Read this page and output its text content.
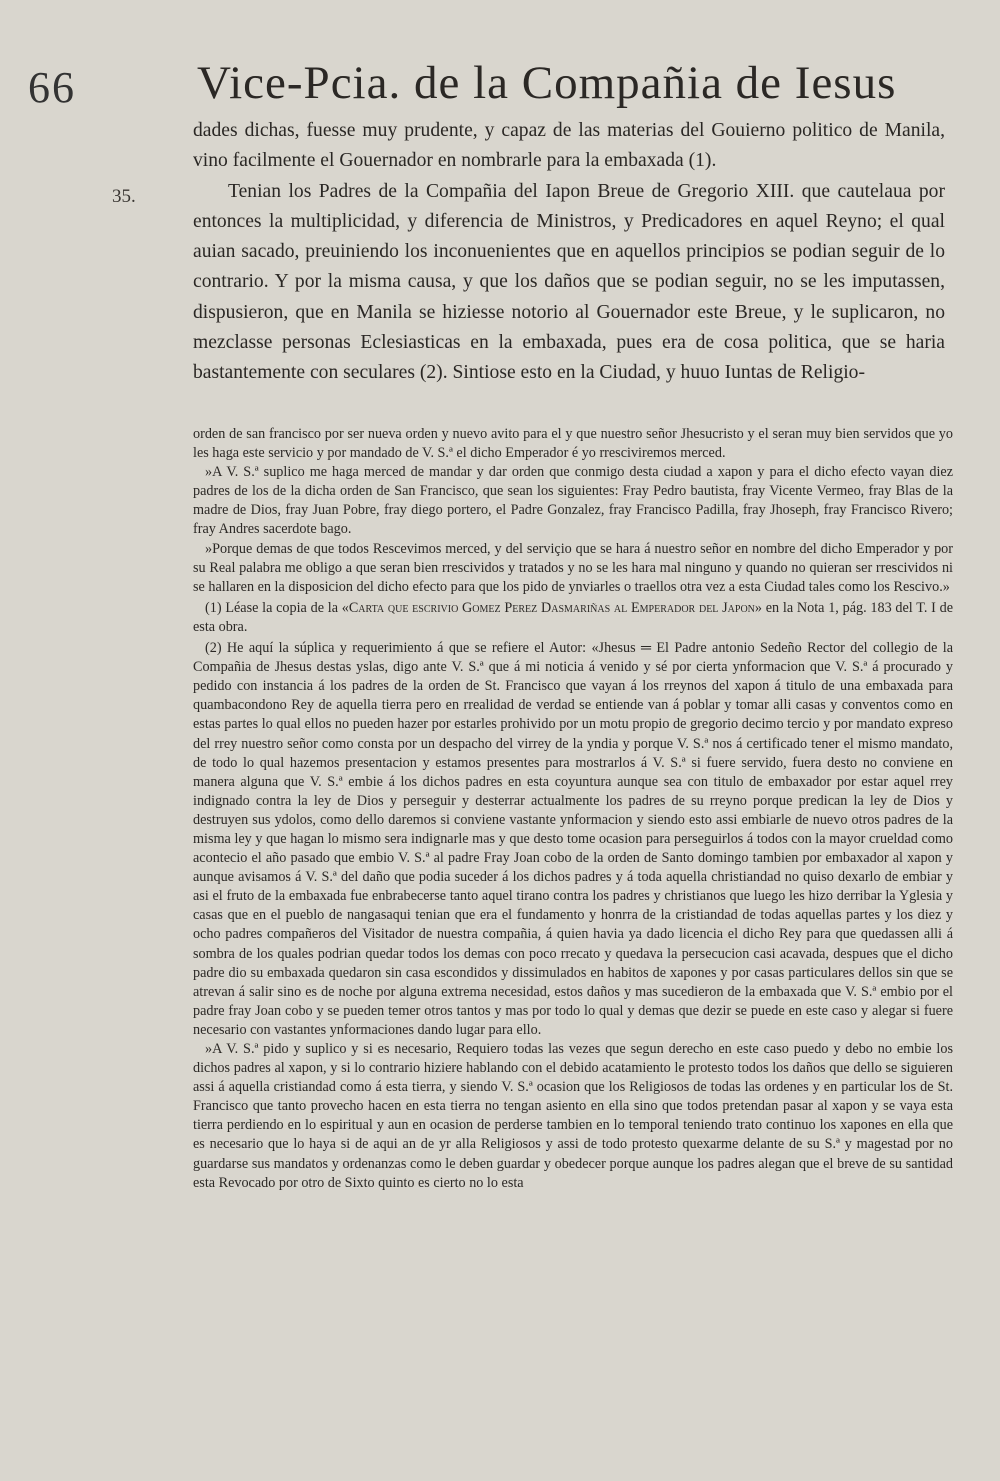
66	Vice-Pcia. de la Compañia de Iesus
35.

dades dichas, fuesse muy prudente, y capaz de las materias del Gouierno politico de Manila, vino facilmente el Gouernador en nombrarle para la embaxada (1).

Tenian los Padres de la Compañia del Iapon Breue de Gregorio XIII. que cautelaua por entonces la multiplicidad, y diferencia de Ministros, y Predicadores en aquel Reyno; el qual auian sacado, preuiniendo los inconuenientes que en aquellos principios se podian seguir de lo contrario. Y por la misma causa, y que los daños que se podian seguir, no se les imputassen, dispusieron, que en Manila se hiziesse notorio al Gouernador este Breue, y le suplicaron, no mezclasse personas Eclesiasticas en la embaxada, pues era de cosa politica, que se haria bastantemente con seculares (2). Sintiose esto en la Ciudad, y huuo Iuntas de Religio-

orden de san francisco por ser nueva orden y nuevo avito para el y que nuestro señor Jhesucristo y el seran muy bien servidos que yo les haga este servicio y por mandado de V. S.ª el dicho Emperador é yo rresciviremos merced.

»A V. S.ª suplico me haga merced de mandar y dar orden que conmigo desta ciudad a xapon y para el dicho efecto vayan diez padres de los de la dicha orden de San Francisco, que sean los siguientes: Fray Pedro bautista, fray Vicente Vermeo, fray Blas de la madre de Dios, fray Juan Pobre, fray diego portero, el Padre Gonzalez, fray Francisco Padilla, fray Jhoseph, fray Francisco Rivero; fray Andres sacerdote bago.

»Porque demas de que todos Rescevimos merced, y del serviçio que se hara á nuestro señor en nombre del dicho Emperador y por su Real palabra me obligo a que seran bien rrescividos y tratados y no se les hara mal ninguno y quando no quieran ser rrescividos ni se hallaren en la disposicion del dicho efecto para que los pido de ynviarles o traellos otra vez a esta Ciudad tales como los Rescivo.»

(1) Léase la copia de la «Carta que escrivio Gomez Perez Dasmariñas al Emperador del Japon» en la Nota 1, pág. 183 del T. I de esta obra.

(2) He aquí la súplica y requerimiento á que se refiere el Autor: «Jhesus ═ El Padre antonio Sedeño Rector del collegio de la Compañia de Jhesus destas yslas, digo ante V. S.ª que á mi noticia á venido y sé por cierta ynformacion que V. S.ª á procurado y pedido con instancia á los padres de la orden de St. Francisco que vayan á los rreynos del xapon á titulo de una embaxada para quambacondono Rey de aquella tierra pero en rrealidad de verdad se entiende van á poblar y tomar alli casas y conventos como en estas partes lo qual ellos no pueden hazer por estarles prohivido por un motu propio de gregorio decimo tercio y por mandato expreso del rrey nuestro señor como consta por un despacho del virrey de la yndia y porque V. S.ª nos á certificado tener el mismo mandato, de todo lo qual hazemos presentacion y estamos presentes para mostrarlos á V. S.ª si fuere servido, fuera desto no conviene en manera alguna que V. S.ª embie á los dichos padres en esta coyuntura aunque sea con titulo de embaxador por estar aquel rrey indignado contra la ley de Dios y perseguir y desterrar actualmente los padres de su rreyno porque predican la ley de Dios y destruyen sus ydolos, como dello daremos si conviene vastante ynformacion y siendo esto assi embiarle de nuevo otros padres de la misma ley y que hagan lo mismo sera indignarle mas y que desto tome ocasion para perseguirlos á todos con la mayor crueldad como acontecio el año pasado que embio V. S.ª al padre Fray Joan cobo de la orden de Santo domingo tambien por embaxador al xapon y aunque avisamos á V. S.ª del daño que podia suceder á los dichos padres y á toda aquella christiandad no quiso dexarlo de embiar y asi el fruto de la embaxada fue enbrabecerse tanto aquel tirano contra los padres y christianos que luego les hizo derribar la Yglesia y casas que en el pueblo de nangasaqui tenian que era el fundamento y honrra de la cristiandad de todas aquellas partes y los diez y ocho padres compañeros del Visitador de nuestra compañia, á quien havia ya dado licencia el dicho Rey para que quedassen alli á sombra de los quales podrian quedar todos los demas con poco rrecato y quedava la persecucion casi acavada, despues que el dicho padre dio su embaxada quedaron sin casa escondidos y dissimulados en habitos de xapones y por casas particulares dellos sin que se atrevan á salir sino es de noche por alguna extrema necesidad, estos daños y mas sucedieron de la embaxada que V. S.ª embio por el padre fray Joan cobo y se pueden temer otros tantos y mas por todo lo qual y demas que dezir se puede en este caso y alegar si fuere necesario con vastantes ynformaciones dando lugar para ello.

»A V. S.ª pido y suplico y si es necesario, Requiero todas las vezes que segun derecho en este caso puedo y debo no embie los dichos padres al xapon, y si lo contrario hiziere hablando con el debido acatamiento le protesto todos los daños que dello se siguieren assi á aquella cristiandad como á esta tierra, y siendo V. S.ª ocasion que los Religiosos de todas las ordenes y en particular los de St. Francisco que tanto provecho hacen en esta tierra no tengan asiento en ella sino que todos pretendan pasar al xapon y se vaya esta tierra perdiendo en lo espiritual y aun en ocasion de perderse tambien en lo temporal teniendo trato continuo los xapones en ella que es necesario que lo haya si de aqui an de yr alla Religiosos y assi de todo protesto quexarme delante de su S.ª y magestad por no guardarse sus mandatos y ordenanzas como le deben guardar y obedecer porque aunque los padres alegan que el breve de su santidad esta Revocado por otro de Sixto quinto es cierto no lo esta
